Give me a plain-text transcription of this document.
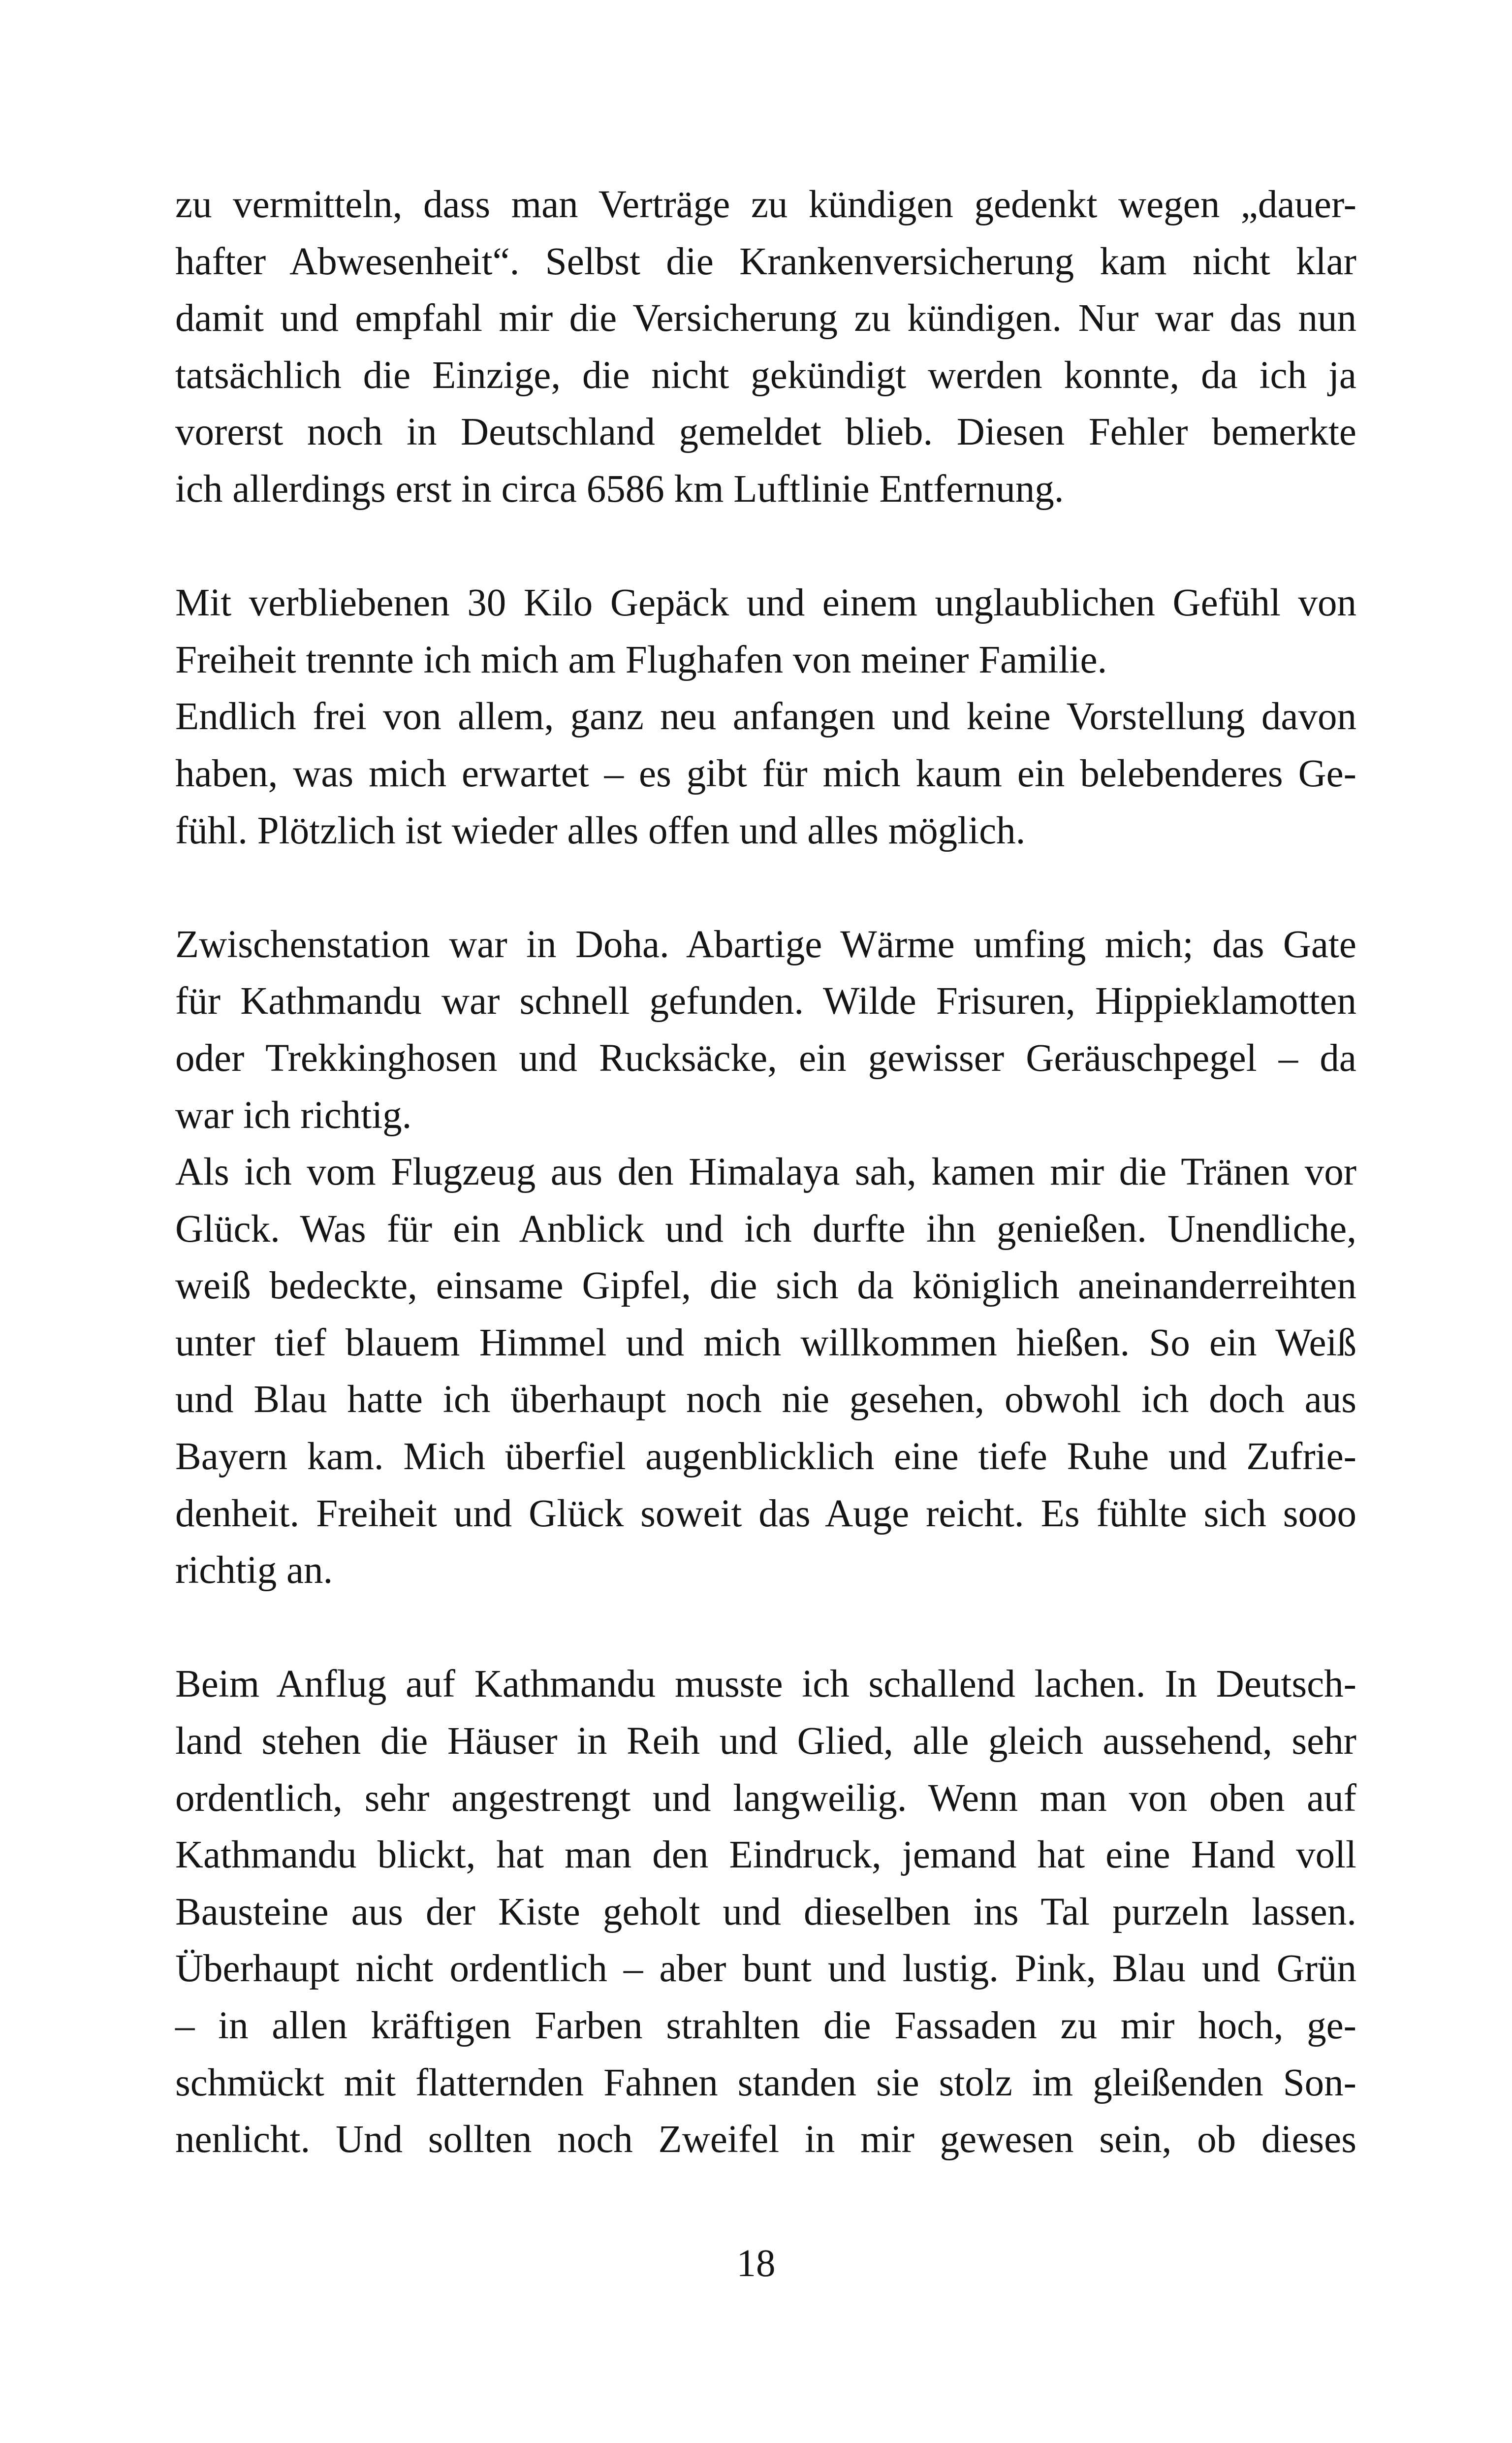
zu vermitteln, dass man Verträge zu kündigen gedenkt wegen „dauer-
hafter Abwesenheit“. Selbst die Krankenversicherung kam nicht klar
damit und empfahl mir die Versicherung zu kündigen. Nur war das nun
tatsächlich die Einzige, die nicht gekündigt werden konnte, da ich ja
vorerst noch in Deutschland gemeldet blieb. Diesen Fehler bemerkte
ich allerdings erst in circa 6586 km Luftlinie Entfernung.
Mit verbliebenen 30 Kilo Gepäck und einem unglaublichen Gefühl von
Freiheit trennte ich mich am Flughafen von meiner Familie.
Endlich frei von allem, ganz neu anfangen und keine Vorstellung davon
haben, was mich erwartet – es gibt für mich kaum ein belebenderes Ge-
fühl. Plötzlich ist wieder alles offen und alles möglich.
Zwischenstation war in Doha. Abartige Wärme umfing mich; das Gate
für Kathmandu war schnell gefunden. Wilde Frisuren, Hippieklamotten
oder Trekkinghosen und Rucksäcke, ein gewisser Geräuschpegel – da
war ich richtig.
Als ich vom Flugzeug aus den Himalaya sah, kamen mir die Tränen vor
Glück. Was für ein Anblick und ich durfte ihn genießen. Unendliche,
weiß bedeckte, einsame Gipfel, die sich da königlich aneinanderreihten
unter tief blauem Himmel und mich willkommen hießen. So ein Weiß
und Blau hatte ich überhaupt noch nie gesehen, obwohl ich doch aus
Bayern kam. Mich überfiel augenblicklich eine tiefe Ruhe und Zufrie-
denheit. Freiheit und Glück soweit das Auge reicht. Es fühlte sich sooo
richtig an.
Beim Anflug auf Kathmandu musste ich schallend lachen. In Deutsch-
land stehen die Häuser in Reih und Glied, alle gleich aussehend, sehr
ordentlich, sehr angestrengt und langweilig. Wenn man von oben auf
Kathmandu blickt, hat man den Eindruck, jemand hat eine Hand voll
Bausteine aus der Kiste geholt und dieselben ins Tal purzeln lassen.
Überhaupt nicht ordentlich – aber bunt und lustig. Pink, Blau und Grün
– in allen kräftigen Farben strahlten die Fassaden zu mir hoch, ge-
schmückt mit flatternden Fahnen standen sie stolz im gleißenden Son-
nenlicht. Und sollten noch Zweifel in mir gewesen sein, ob dieses
18
